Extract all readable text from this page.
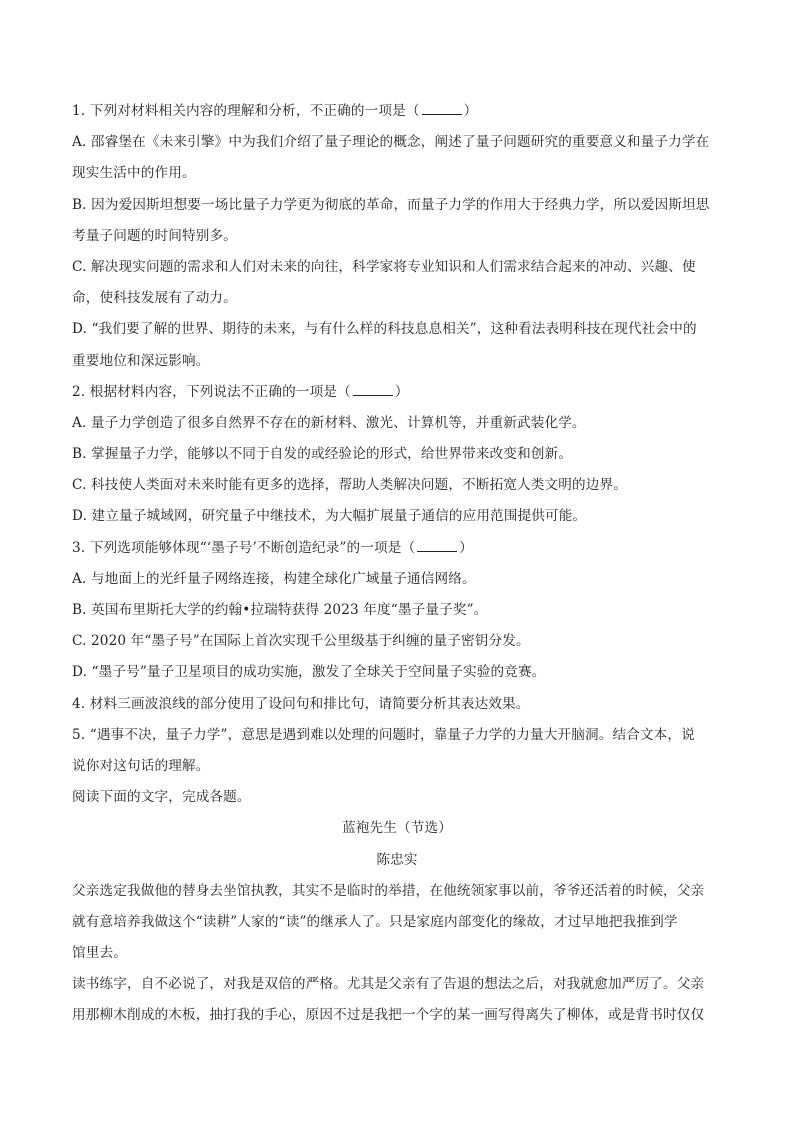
1. 下列对材料相关内容的理解和分析，不正确的一项是（	）
A. 邵睿堡在《未来引擎》中为我们介绍了量子理论的概念，阐述了量子问题研究的重要意义和量子力学在
现实生活中的作用。
B. 因为爱因斯坦想要一场比量子力学更为彻底的革命，而量子力学的作用大于经典力学，所以爱因斯坦思
考量子问题的时间特别多。
C. 解决现实问题的需求和人们对未来的向往，科学家将专业知识和人们需求结合起来的冲动、兴趣、使
命，使科技发展有了动力。
D. “我们要了解的世界、期待的未来，与有什么样的科技息息相关”，这种看法表明科技在现代社会中的
重要地位和深远影响。
2. 根据材料内容，下列说法不正确的一项是（	）
A. 量子力学创造了很多自然界不存在的新材料、激光、计算机等，并重新武装化学。
B. 掌握量子力学，能够以不同于自发的或经验论的形式，给世界带来改变和创新。
C. 科技使人类面对未来时能有更多的选择，帮助人类解决问题，不断拓宽人类文明的边界。
D. 建立量子城域网，研究量子中继技术，为大幅扩展量子通信的应用范围提供可能。
3. 下列选项能够体现“‘墨子号’不断创造纪录”的一项是（	）
A. 与地面上的光纤量子网络连接，构建全球化广域量子通信网络。
B. 英国布里斯托大学的约翰•拉瑞特获得 2023 年度“墨子量子奖”。
C. 2020 年“墨子号”在国际上首次实现千公里级基于纠缠的量子密钥分发。
D. “墨子号”量子卫星项目的成功实施，激发了全球关于空间量子实验的竞赛。
4. 材料三画波浪线的部分使用了设问句和排比句，请简要分析其表达效果。
5. “遇事不决，量子力学”，意思是遇到难以处理的问题时，靠量子力学的力量大开脑洞。结合文本，说
说你对这句话的理解。
阅读下面的文字，完成各题。
蓝袍先生（节选）
陈忠实
父亲选定我做他的替身去坐馆执教，其实不是临时的举措，在他统领家事以前，爷爷还活着的时候，父亲
就有意培养我做这个“读耕”人家的“读”的继承人了。只是家庭内部变化的缘故，才过早地把我推到学
馆里去。
读书练字，自不必说了，对我是双倍的严格。尤其是父亲有了告退的想法之后，对我就愈加严厉了。父亲
用那柳木削成的木板，抽打我的手心，原因不过是我把一个字的某一画写得离失了柳体，或是背书时仅仅
